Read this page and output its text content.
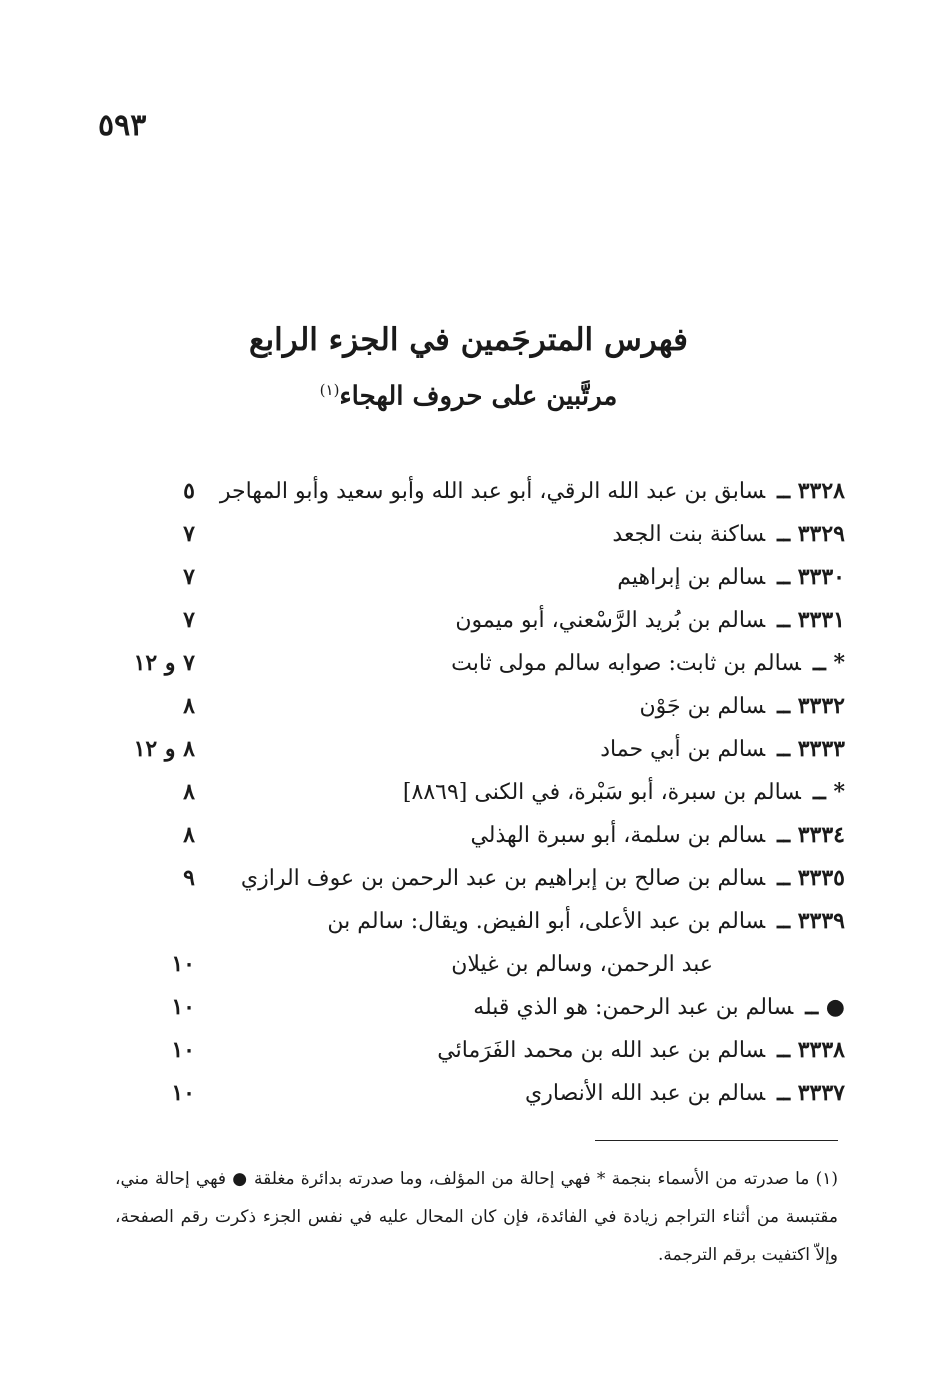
٥٩٣
فهرس المترجَمين في الجزء الرابع
مرتَّبين على حروف الهجاء$^{(١)}$
٣٣٢٨ ــسابق بن عبد الله الرقي، أبو عبد الله وأبو سعيد وأبو المهاجر
٥
٣٣٢٩ ــساكنة بنت الجعد
٧
٣٣٣٠ ــسالم بن إبراهيم
٧
٣٣٣١ ــسالم بن بُريد الرَّسْعني، أبو ميمون
٧
* ــسالم بن ثابت: صوابه سالم مولى ثابت
٧ و ١٢
٣٣٣٢ ــسالم بن جَوْن
٨
٣٣٣٣ ــسالم بن أبي حماد
٨ و ١٢
* ــسالم بن سبرة، أبو سَبْرة، في الكنى [٨٨٦٩]
٨
٣٣٣٤ ــسالم بن سلمة، أبو سبرة الهذلي
٨
٣٣٣٥ ــسالم بن صالح بن إبراهيم بن عبد الرحمن بن عوف الرازي
٩
٣٣٣٩ ــسالم بن عبد الأعلى، أبو الفيض. ويقال: سالم بن
عبد الرحمن، وسالم بن غيلان
١٠
● ــسالم بن عبد الرحمن: هو الذي قبله
١٠
٣٣٣٨ ــسالم بن عبد الله بن محمد الفَرَمائي
١٠
٣٣٣٧ ــسالم بن عبد الله الأنصاري
١٠
(١) ما صدرته من الأسماء بنجمة * فهي إحالة من المؤلف، وما صدرته بدائرة مغلقة ● فهي إحالة مني، مقتبسة من أثناء التراجم زيادة في الفائدة، فإن كان المحال عليه في نفس الجزء ذكرت رقم الصفحة، وإلاّ اكتفيت برقم الترجمة.
